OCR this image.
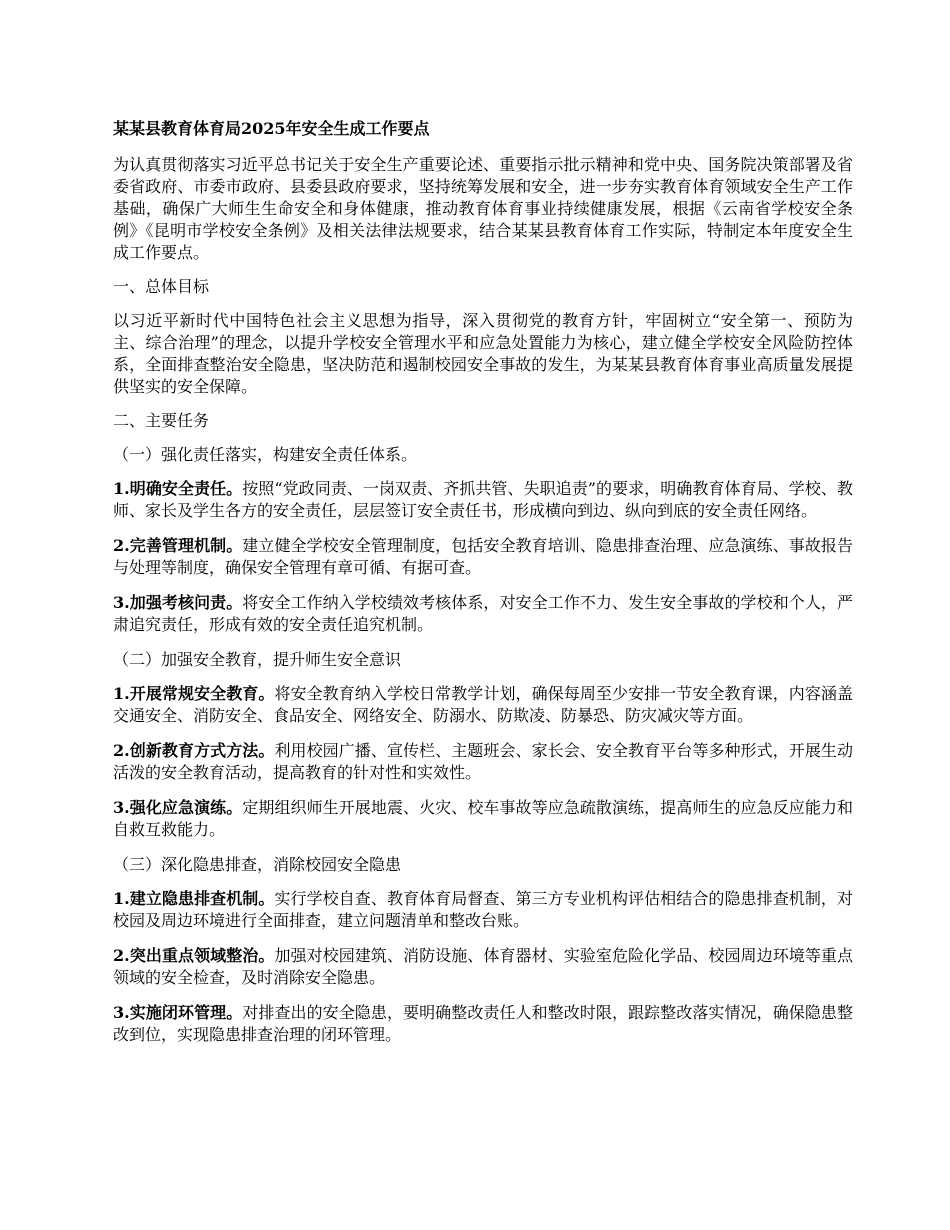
某某县教育体育局2025年安全生成工作要点

为认真贯彻落实习近平总书记关于安全生产重要论述、重要指示批示精神和党中央、国务院决策部署及省委省政府、市委市政府、县委县政府要求，坚持统筹发展和安全，进一步夯实教育体育领域安全生产工作基础，确保广大师生生命安全和身体健康，推动教育体育事业持续健康发展，根据《云南省学校安全条例》《昆明市学校安全条例》及相关法律法规要求，结合某某县教育体育工作实际，特制定本年度安全生成工作要点。

一、总体目标

以习近平新时代中国特色社会主义思想为指导，深入贯彻党的教育方针，牢固树立“安全第一、预防为主、综合治理”的理念，以提升学校安全管理水平和应急处置能力为核心，建立健全学校安全风险防控体系，全面排查整治安全隐患，坚决防范和遏制校园安全事故的发生，为某某县教育体育事业高质量发展提供坚实的安全保障。

二、主要任务
（一）强化责任落实，构建安全责任体系。

1.明确安全责任。按照“党政同责、一岗双责、齐抓共管、失职追责”的要求，明确教育体育局、学校、教师、家长及学生各方的安全责任，层层签订安全责任书，形成横向到边、纵向到底的安全责任网络。

2.完善管理机制。建立健全学校安全管理制度，包括安全教育培训、隐患排查治理、应急演练、事故报告与处理等制度，确保安全管理有章可循、有据可查。

3.加强考核问责。将安全工作纳入学校绩效考核体系，对安全工作不力、发生安全事故的学校和个人，严肃追究责任，形成有效的安全责任追究机制。

（二）加强安全教育，提升师生安全意识

1.开展常规安全教育。将安全教育纳入学校日常教学计划，确保每周至少安排一节安全教育课，内容涵盖交通安全、消防安全、食品安全、网络安全、防溺水、防欺凌、防暴恐、防灾减灾等方面。

2.创新教育方式方法。利用校园广播、宣传栏、主题班会、家长会、安全教育平台等多种形式，开展生动活泼的安全教育活动，提高教育的针对性和实效性。

3.强化应急演练。定期组织师生开展地震、火灾、校车事故等应急疏散演练，提高师生的应急反应能力和自救互救能力。

（三）深化隐患排查，消除校园安全隐患

1.建立隐患排查机制。实行学校自查、教育体育局督查、第三方专业机构评估相结合的隐患排查机制，对校园及周边环境进行全面排查，建立问题清单和整改台账。

2.突出重点领域整治。加强对校园建筑、消防设施、体育器材、实验室危险化学品、校园周边环境等重点领域的安全检查，及时消除安全隐患。

3.实施闭环管理。对排查出的安全隐患，要明确整改责任人和整改时限，跟踪整改落实情况，确保隐患整改到位，实现隐患排查治理的闭环管理。
